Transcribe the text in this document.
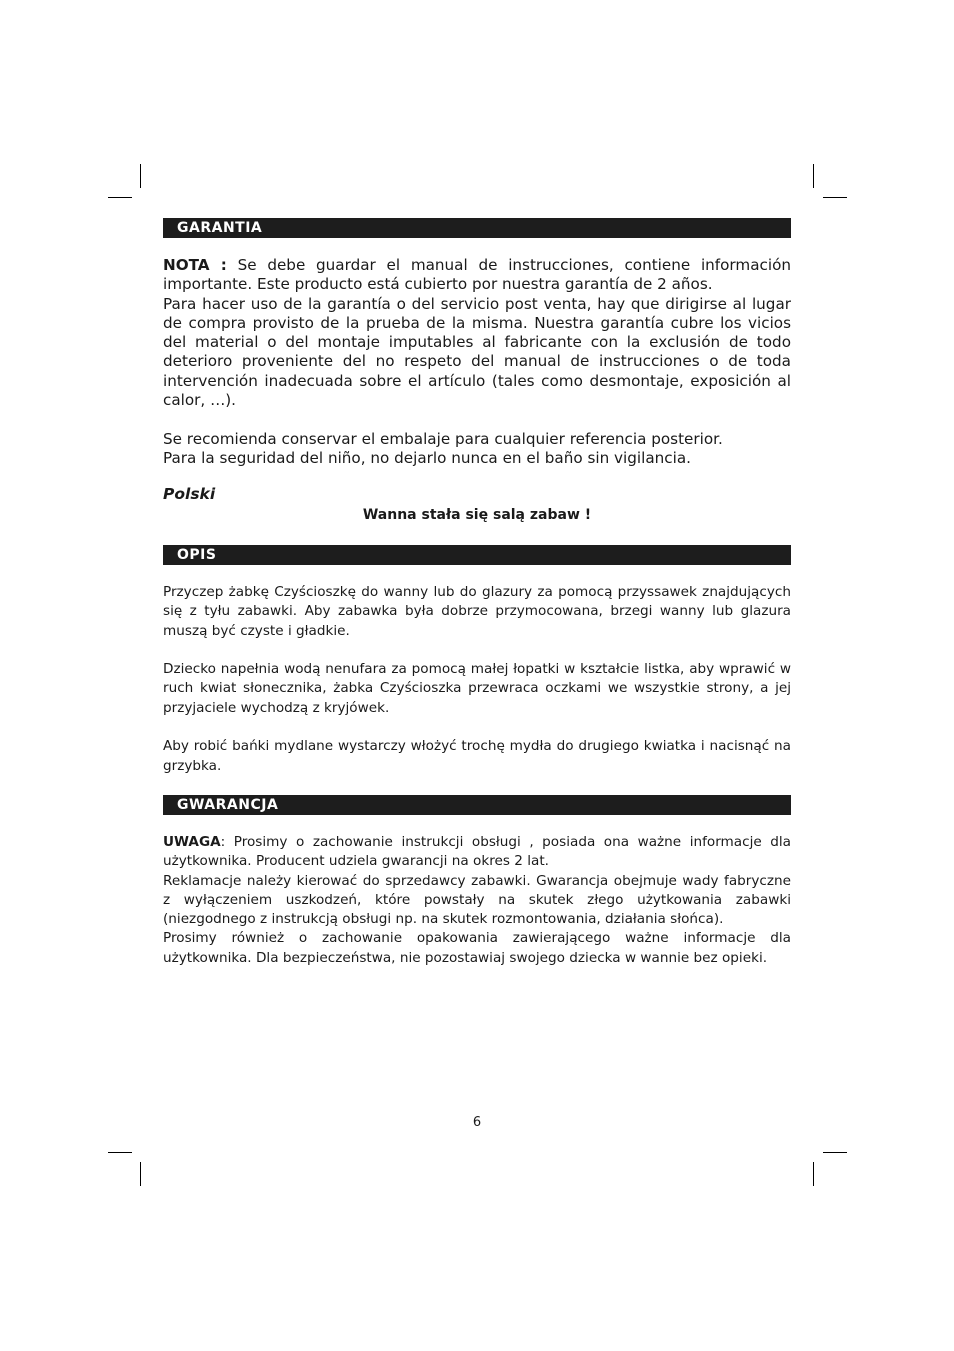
GARANTIA

NOTA : Se debe guardar el manual de instrucciones, contiene información importante. Este producto está cubierto por nuestra garantía de 2 años.

Para hacer uso de la garantía o del servicio post venta, hay que dirigirse al lugar de compra provisto de la prueba de la misma. Nuestra garantía cubre los vicios del material o del montaje imputables al fabricante con la exclusión de todo deterioro proveniente del no respeto del manual de instrucciones o de toda intervención inadecuada sobre el artículo (tales como desmontaje, exposición al calor, …).

Se recomienda conservar el embalaje para cualquier referencia posterior.

Para la seguridad del niño, no dejarlo nunca en el baño sin vigilancia.

Polski
Wanna stała się salą zabaw !
OPIS

Przyczep żabkę Czyścioszkę do wanny lub do glazury za pomocą przyssawek znajdujących się z tyłu zabawki. Aby zabawka była dobrze przymocowana, brzegi wanny lub glazura muszą być czyste i gładkie.

Dziecko napełnia wodą nenufara za pomocą małej łopatki w kształcie listka, aby wprawić w ruch kwiat słonecznika, żabka Czyścioszka przewraca oczkami we wszystkie strony, a jej przyjaciele wychodzą z kryjówek.

Aby robić bańki mydlane wystarczy włożyć trochę mydła do drugiego kwiatka i nacisnąć na grzybka.

GWARANCJA

UWAGA: Prosimy o zachowanie instrukcji obsługi , posiada ona ważne informacje dla użytkownika. Producent udziela gwarancji na okres 2 lat.

Reklamacje należy kierować do sprzedawcy zabawki. Gwarancja obejmuje wady fabryczne z wyłączeniem uszkodzeń, które powstały na skutek złego użytkowania zabawki (niezgodnego z instrukcją obsługi np. na skutek rozmontowania, działania słońca).

Prosimy również o zachowanie opakowania zawierającego ważne informacje dla użytkownika. Dla bezpieczeństwa, nie pozostawiaj swojego dziecka w wannie bez opieki.

6
